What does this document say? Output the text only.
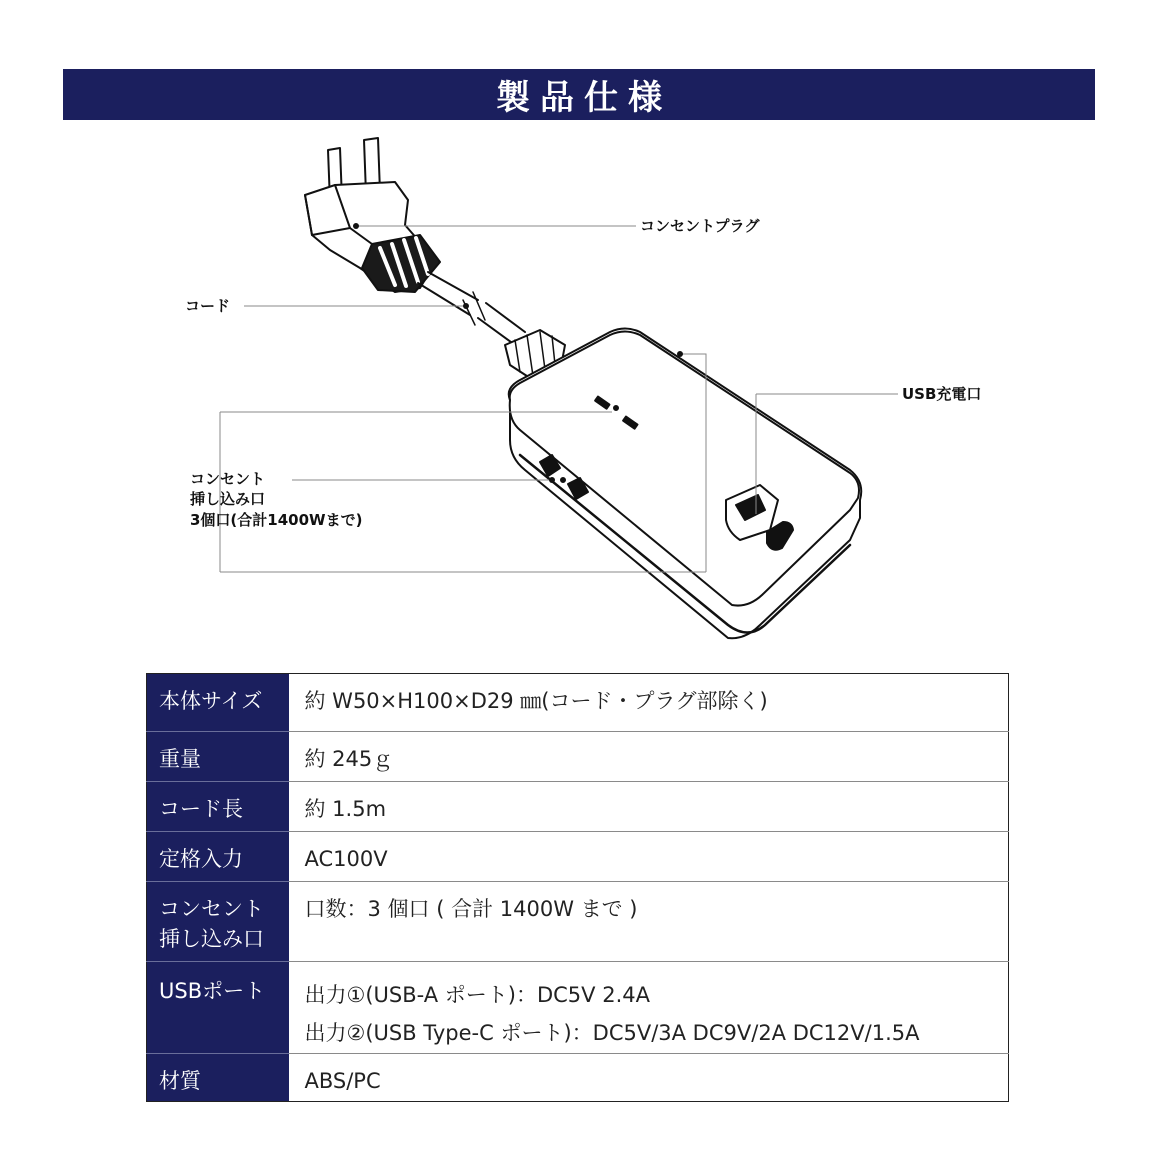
製品仕様
コンセントプラグ
コード
USB充電口
コンセント
挿し込み口
3個口(合計1400Wまで)
本体サイズ	約 W50×H100×D29 ㎜(コード・プラグ部除く)
重量	約 245ｇ
コード長	約 1.5m
定格入力	AC100V

コンセント
挿し込み口	口数：3 個口 ( 合計 1400W まで )
USBポート	出力①(USB-A ポート)：DC5V 2.4A
出力②(USB Type-C ポート)：DC5V/3A DC9V/2A DC12V/1.5A

材質	ABS/PC
